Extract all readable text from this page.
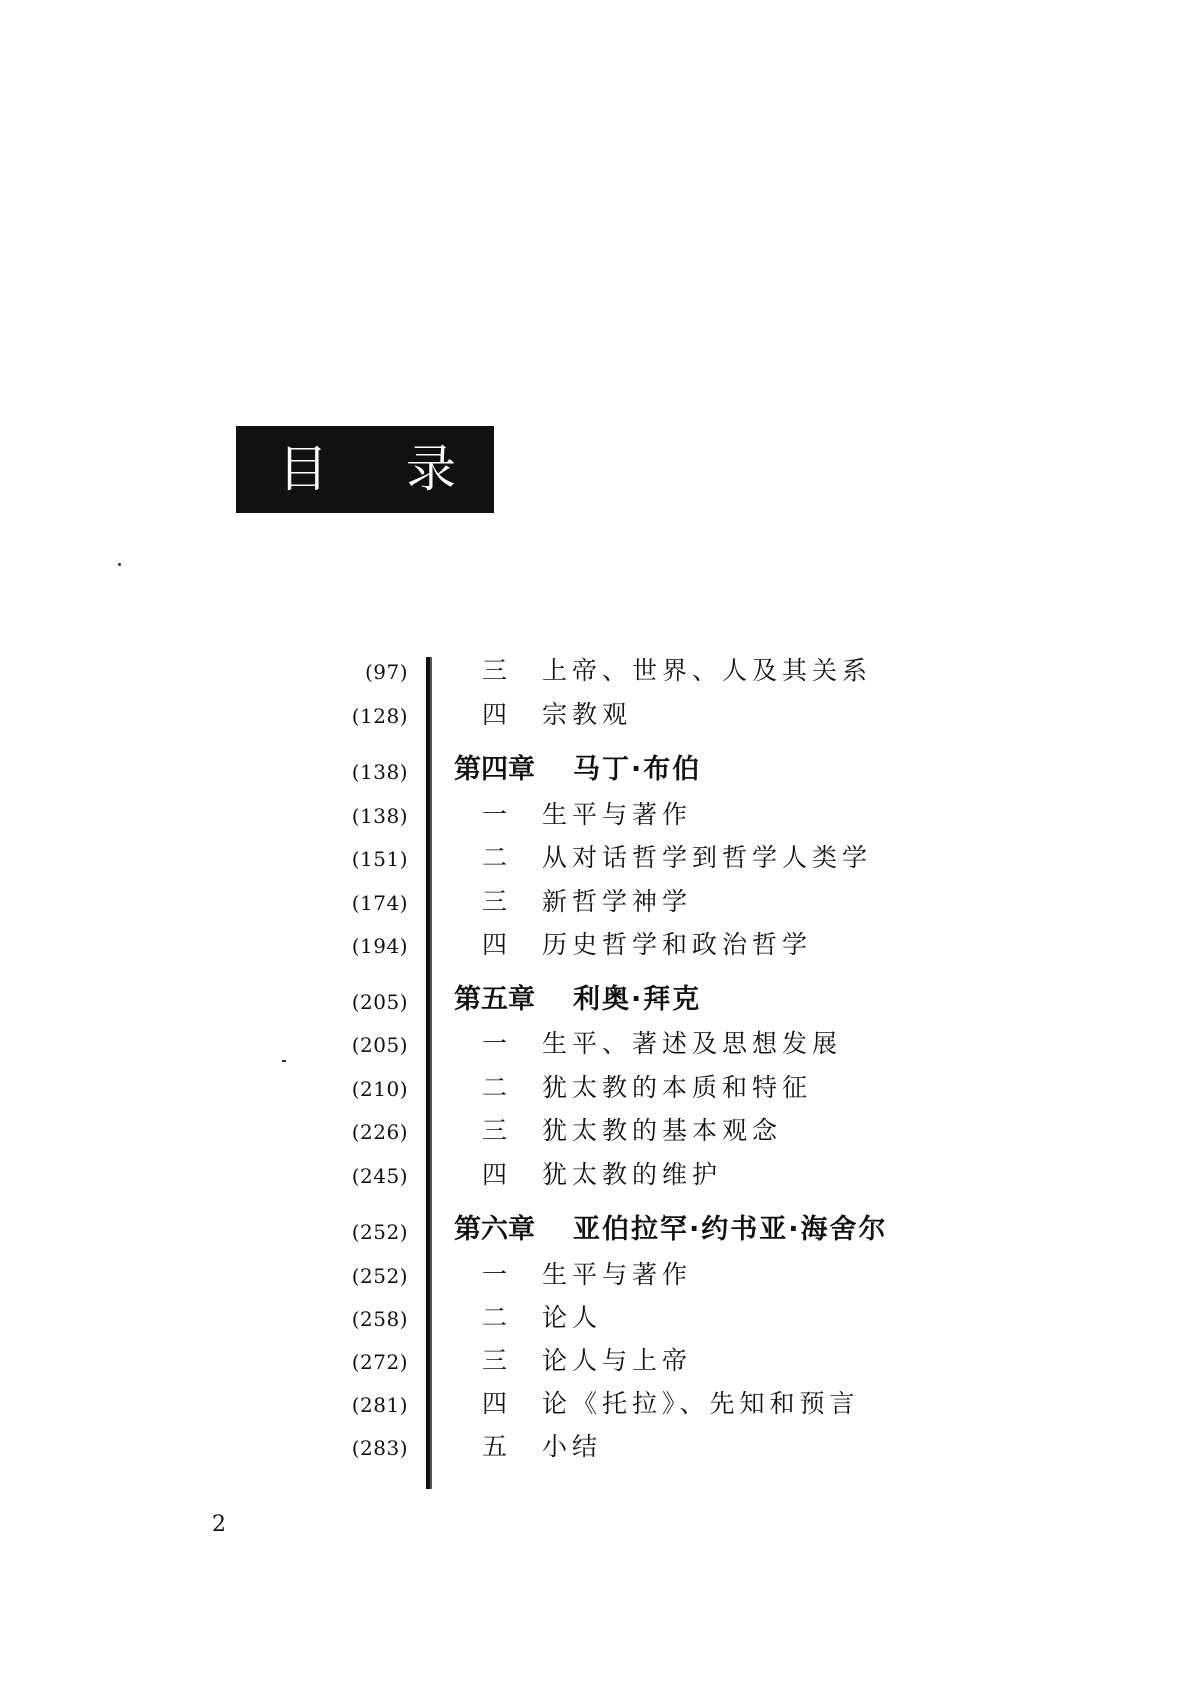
目 录
(97)	三 上帝、世界、人及其关系
(128)	四 宗教观
(138) 第四章 马丁·布伯
(138)	一 生平与著作
(151)	二 从对话哲学到哲学人类学
(174)	三 新哲学神学
(194)	四 历史哲学和政治哲学
(205) 第五章 利奥·拜克
(205)	一 生平、著述及思想发展
(210)	二 犹太教的本质和特征
(226)	三 犹太教的基本观念
(245)	四 犹太教的维护
(252) 第六章 亚伯拉罕·约书亚·海舍尔
(252)	一 生平与著作
(258)	二 论人
(272)	三 论人与上帝
(281)	四 论《托拉》、先知和预言
(283)	五 小结
2
